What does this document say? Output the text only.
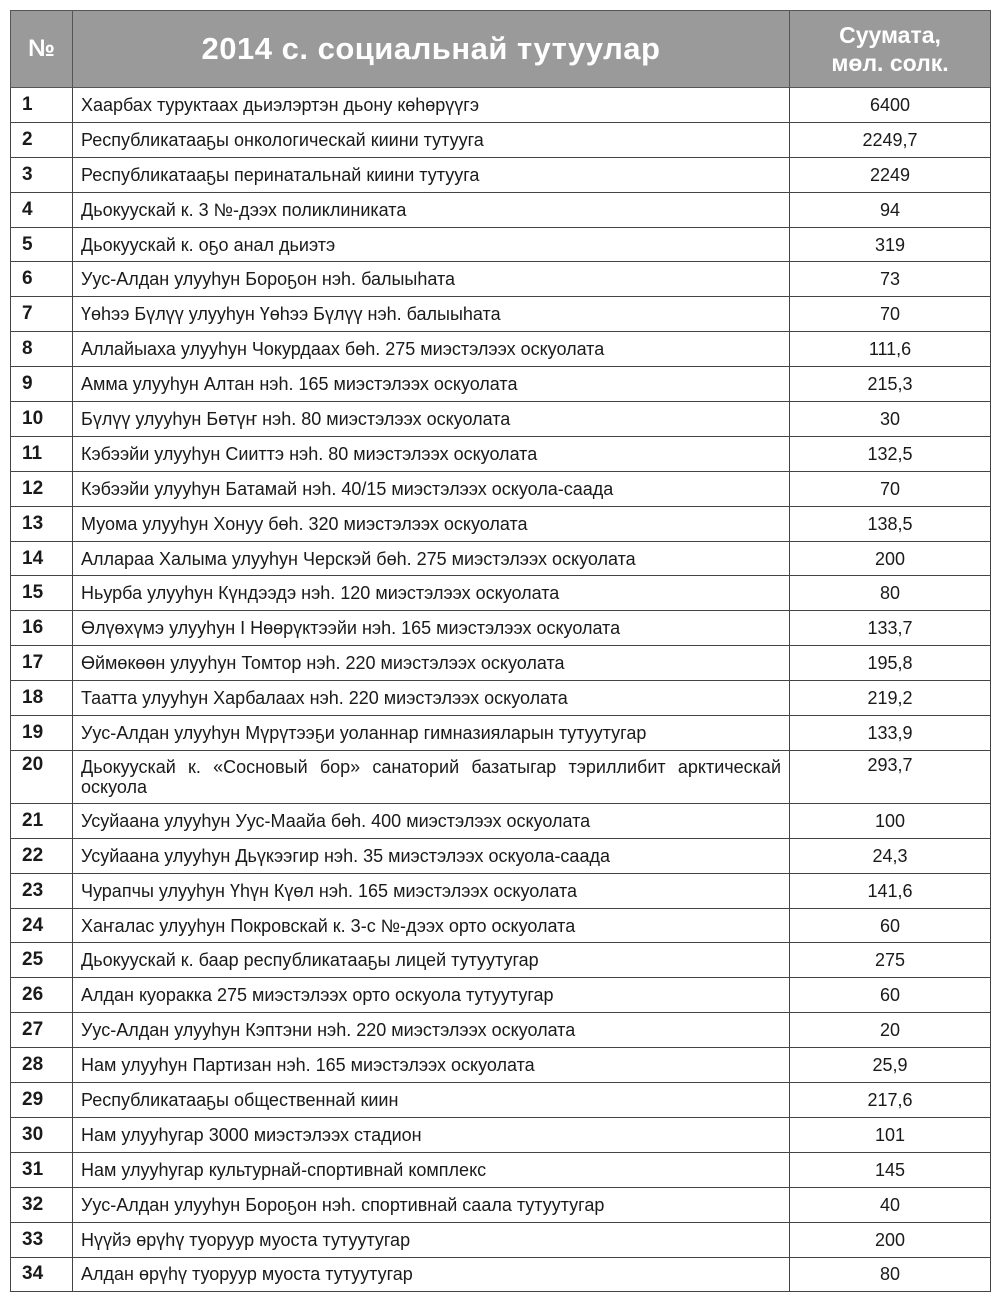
№	2014 с. социальнай тутуулар	Суумата,
мөл. солк.
1	Хаарбах туруктаах дьиэлэртэн дьону көһөрүүгэ	6400
2	Республикатааҕы онкологическай киини тутууга	2249,7
3	Республикатааҕы перинатальнай киини тутууга	2249
4	Дьокуускай к. 3 №-дээх поликлиниката	94
5	Дьокуускай к. оҕо анал дьиэтэ	319
6	Уус-Алдан улууһун Бороҕон нэһ. балыыһата	73
7	Үөһээ Бүлүү улууһун Үөһээ Бүлүү нэһ. балыыһата	70
8	Аллайыаха улууһун Чокурдаах бөһ. 275 миэстэлээх оскуолата	111,6
9	Амма улууһун Алтан нэһ. 165 миэстэлээх оскуолата	215,3
10	Бүлүү улууһун Бөтүҥ нэһ. 80 миэстэлээх оскуолата	30
11	Кэбээйи улууһун Сииттэ нэһ. 80 миэстэлээх оскуолата	132,5
12	Кэбээйи улууһун Батамай нэһ. 40/15 миэстэлээх оскуола-саада	70
13	Муома улууһун Хонуу бөһ. 320 миэстэлээх оскуолата	138,5
14	Аллараа Халыма улууһун Черскэй бөһ. 275 миэстэлээх оскуолата	200
15	Ньурба улууһун Күндээдэ нэһ. 120 миэстэлээх оскуолата	80
16	Өлүөхүмэ улууһун I Нөөрүктээйи нэһ. 165 миэстэлээх оскуолата	133,7
17	Өймөкөөн улууһун Томтор нэһ. 220 миэстэлээх оскуолата	195,8
18	Таатта улууһун Харбалаах нэһ. 220 миэстэлээх оскуолата	219,2
19	Уус-Алдан улууһун Мүрүтээҕи уоланнар гимназияларын тутуутугар	133,9
20	Дьокуускай к. «Сосновый бор» санаторий базатыгар тэриллибит арктическай оскуола	293,7
21	Усуйаана улууһун Уус-Маайа бөһ. 400 миэстэлээх оскуолата	100
22	Усуйаана улууһун Дьүкээгир нэһ. 35 миэстэлээх оскуола-саада	24,3
23	Чурапчы улууһун Үһүн Күөл нэһ. 165 миэстэлээх оскуолата	141,6
24	Хаҥалас улууһун Покровскай к. 3-с №-дээх орто оскуолата	60
25	Дьокуускай к. баар республикатааҕы лицей тутуутугар	275
26	Алдан куоракка 275 миэстэлээх орто оскуола тутуутугар	60
27	Уус-Алдан улууһун Кэптэни нэһ. 220 миэстэлээх оскуолата	20
28	Нам улууһун Партизан нэһ. 165 миэстэлээх оскуолата	25,9
29	Республикатааҕы общественнай киин	217,6
30	Нам улууһугар 3000 миэстэлээх стадион	101
31	Нам улууһугар культурнай-спортивнай комплекс	145
32	Уус-Алдан улууһун Бороҕон нэһ. спортивнай саала тутуутугар	40
33	Нүүйэ өрүһү туоруур муоста тутуутугар	200
34	Алдан өрүһү туоруур муоста тутуутугар	80
